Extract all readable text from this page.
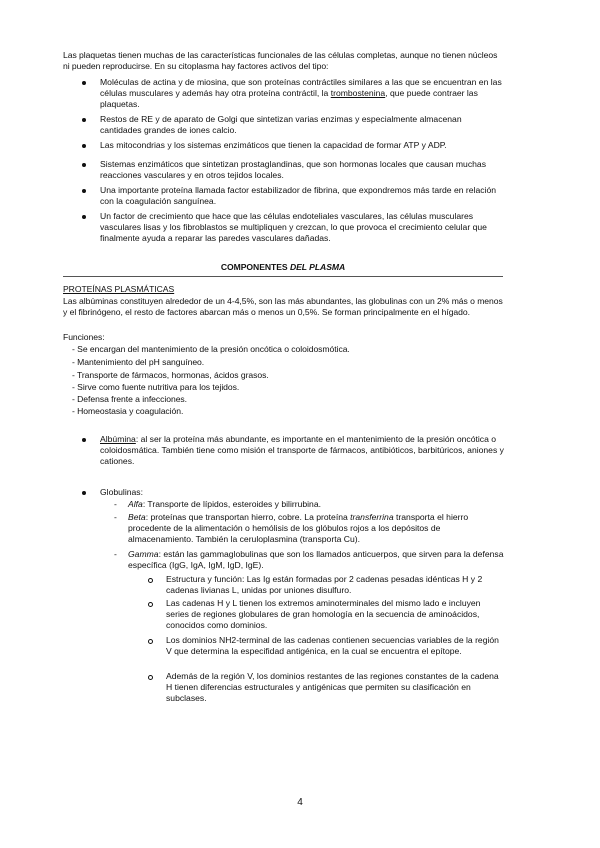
Las plaquetas tienen muchas de las características funcionales de las células completas, aunque no tienen núcleos ni pueden reproducirse. En su citoplasma hay factores activos del tipo:
Moléculas de actina y de miosina, que son proteínas contráctiles similares a las que se encuentran en las células musculares y además hay otra proteína contráctil, la trombostenina, que puede contraer las plaquetas.
Restos de RE y de aparato de Golgi que sintetizan varias enzimas y especialmente almacenan cantidades grandes de iones calcio.
Las mitocondrias y los sistemas enzimáticos que tienen la capacidad de formar ATP y ADP.
Sistemas enzimáticos que sintetizan prostaglandinas, que son hormonas locales que causan muchas reacciones vasculares y en otros tejidos locales.
Una importante proteína llamada factor estabilizador de fibrina, que expondremos más tarde en relación con la coagulación sanguínea.
Un factor de crecimiento que hace que las células endoteliales vasculares, las células musculares vasculares lisas y los fibroblastos se multipliquen y crezcan, lo que provoca el crecimiento celular que finalmente ayuda a reparar las paredes vasculares dañadas.
COMPONENTES DEL PLASMA
PROTEÍNAS PLASMÁTICAS
Las albúminas constituyen alrededor de un 4-4,5%, son las más abundantes, las globulinas con un 2% más o menos y el fibrinógeno, el resto de factores abarcan más o menos un 0,5%. Se forman principalmente en el hígado.
Funciones:
- Se encargan del mantenimiento de la presión oncótica o coloidosmótica.
- Mantenimiento del pH sanguíneo.
- Transporte de fármacos, hormonas, ácidos grasos.
- Sirve como fuente nutritiva para los tejidos.
- Defensa frente a infecciones.
- Homeostasia y coagulación.
Albúmina: al ser la proteína más abundante, es importante en el mantenimiento de la presión oncótica o coloidosmática. También tiene como misión el transporte de fármacos, antibióticos, barbitúricos, aniones y cationes.
Globulinas:
- Alfa: Transporte de lípidos, esteroides y bilirrubina.
- Beta: proteínas que transportan hierro, cobre. La proteína transferrina transporta el hierro procedente de la alimentación o hemólisis de los glóbulos rojos a los depósitos de almacenamiento. También la ceruloplasmina (transporta Cu).
- Gamma: están las gammaglobulinas que son los llamados anticuerpos, que sirven para la defensa específica (IgG, IgA, IgM, IgD, IgE).
Estructura y función: Las Ig están formadas por 2 cadenas pesadas idénticas H y 2 cadenas livianas L, unidas por uniones disulfuro.
Las cadenas H y L tienen los extremos aminoterminales del mismo lado e incluyen series de regiones globulares de gran homología en la secuencia de aminoácidos, conocidos como dominios.
Los dominios NH2-terminal de las cadenas contienen secuencias variables de la región V que determina la especifidad antigénica, en la cual se encuentra el epítope.
Además de la región V, los dominios restantes de las regiones constantes de la cadena H tienen diferencias estructurales y antigénicas que permiten su clasificación en subclases.
4
